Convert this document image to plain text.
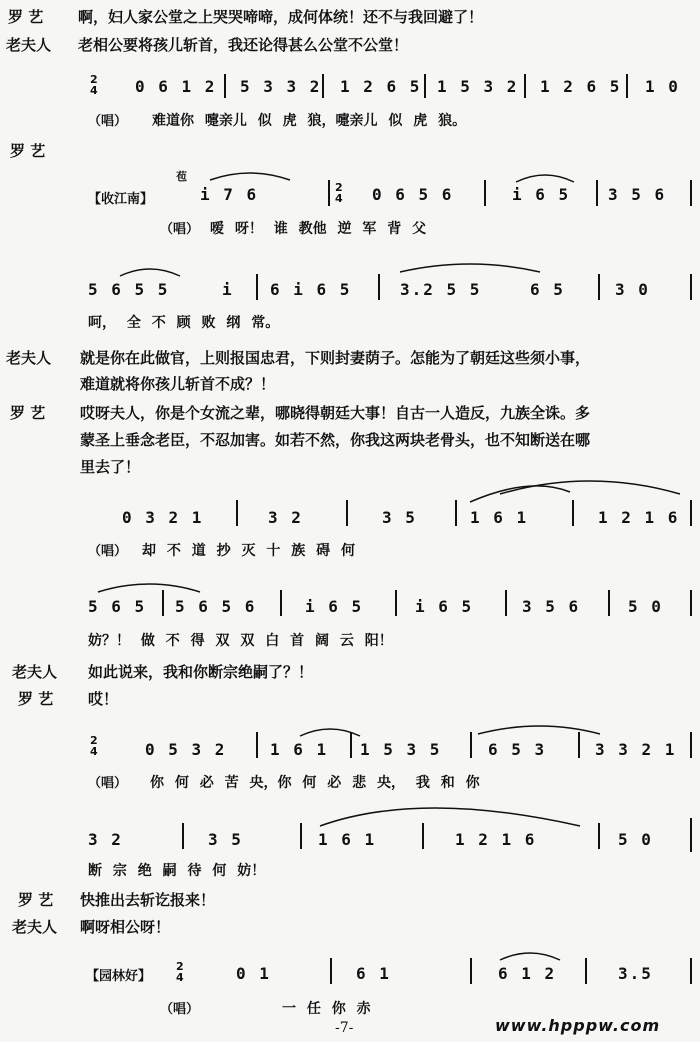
罗 艺 啊，妇人家公堂之上哭哭啼啼，成何体统！还不与我回避了！
老夫人 老相公要将孩儿斩首，我还论得甚么公堂不公堂！
2
4 0 6 1 2 5 3 3 2 1 2 6 5 1 5 3 2 1 2 6 5 1 0
（唱） 难道你 嚏亲儿 似 虎 狼，嚏亲儿 似 虎 狼。
罗 艺
【收江南】
苞
i 7 6	2
4 0 6 5 6	i 6 5 3 5 6
（唱） 嗳 呀！ 谁 教他 逆 军 背 父
5 6 5 5	i 6 i 6 5	3.2 5 5	6 5	3 0
呵， 全 不 顾 败 纲 常。
老夫人 就是你在此做官，上则报国忠君，下则封妻荫子。怎能为了朝廷这些须小事，
难道就将你孩儿斩首不成？！
罗 艺 哎呀夫人，你是个女流之辈，哪晓得朝廷大事！自古一人造反，九族全诛。多
蒙圣上垂念老臣，不忍加害。如若不然，你我这两块老骨头，也不知断送在哪
里去了！
0 3 2 1	3 2	3 5	1 6 1	1 2 1 6
（唱） 却 不 道 抄 灭 十 族 碍 何
5 6 5 5 6 5 6	i 6 5	i 6 5	3 5 6	5 0
妨？！ 做 不 得 双 双 白 首 阔 云 阳！
老夫人 如此说来，我和你断宗绝嗣了？！
罗 艺 哎！
2
4	0 5 3 2	1 6 1 1 5 3 5	6 5 3	3 3 2 1
（唱） 你 何 必 苦 央，你 何 必 悲 央， 我 和 你
3 2	3 5	1 6 1	1 2 1 6	5 0
断 宗 绝 嗣 待 何 妨！
罗 艺 快推出去斩讫报来！
老夫人 啊呀相公呀！
【园林好】
2
4	0 1	6 1	6 1 2	3.5
（唱）	一 任 你 赤
-7-	www.hpppw.com
